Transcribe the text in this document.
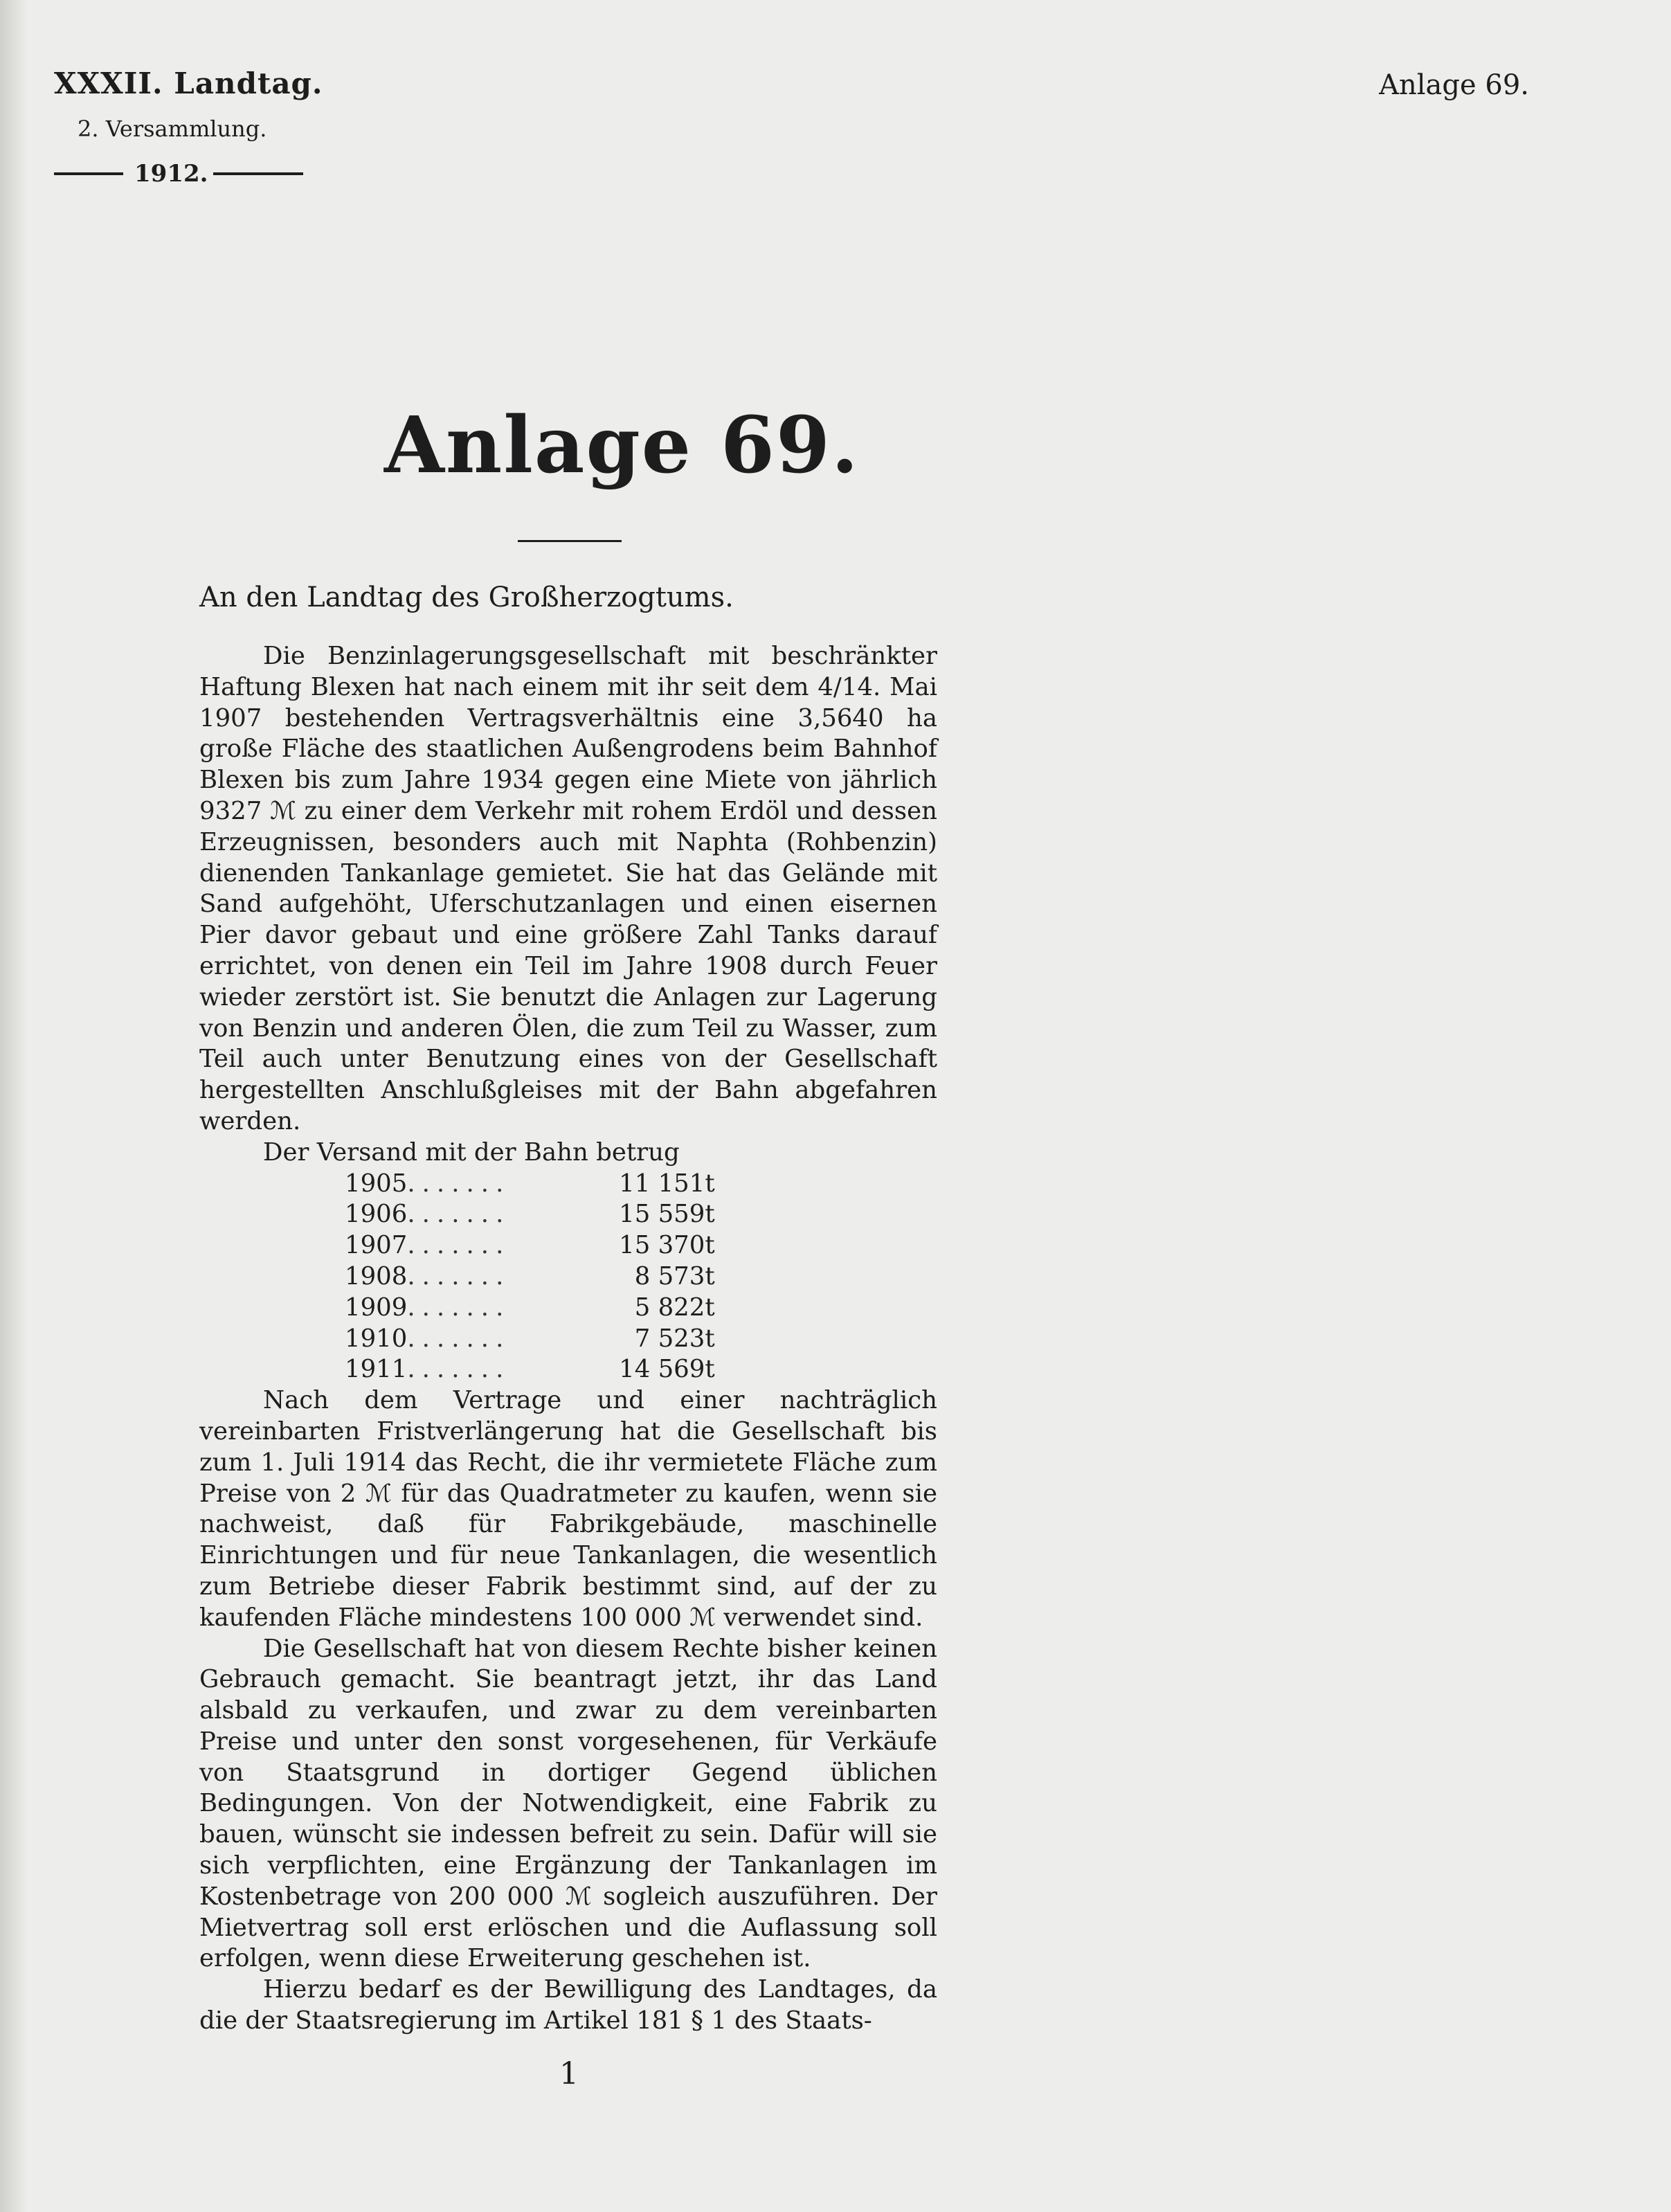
XXXII. Landtag.
2. Versammlung.
1912.
Anlage 69.
Anlage 69.
An den Landtag des Großherzogtums.

Die Benzinlagerungsgesellschaft mit beschränkter Haftung Blexen hat nach einem mit ihr seit dem 4/14. Mai 1907 bestehenden Vertragsverhältnis eine 3,5640 ha große Fläche des staatlichen Außengrodens beim Bahnhof Blexen bis zum Jahre 1934 gegen eine Miete von jährlich 9327 ℳ zu einer dem Verkehr mit rohem Erdöl und dessen Erzeugnissen, besonders auch mit Naphta (Rohbenzin) dienenden Tankanlage gemietet. Sie hat das Gelände mit Sand aufgehöht, Uferschutzanlagen und einen eisernen Pier davor gebaut und eine größere Zahl Tanks darauf errichtet, von denen ein Teil im Jahre 1908 durch Feuer wieder zerstört ist. Sie benutzt die Anlagen zur Lagerung von Benzin und anderen Ölen, die zum Teil zu Wasser, zum Teil auch unter Benutzung eines von der Gesellschaft hergestellten Anschlußgleises mit der Bahn abgefahren werden.

Der Versand mit der Bahn betrug

1905	.......	11 151	t
1906	.......	15 559	t
1907	.......	15 370	t
1908	.......	8 573	t
1909	.......	5 822	t
1910	.......	7 523	t
1911	.......	14 569	t

Nach dem Vertrage und einer nachträglich vereinbarten Fristverlängerung hat die Gesellschaft bis zum 1. Juli 1914 das Recht, die ihr vermietete Fläche zum Preise von 2 ℳ für das Quadratmeter zu kaufen, wenn sie nachweist, daß für Fabrikgebäude, maschinelle Einrichtungen und für neue Tankanlagen, die wesentlich zum Betriebe dieser Fabrik bestimmt sind, auf der zu kaufenden Fläche mindestens 100 000 ℳ verwendet sind.

Die Gesellschaft hat von diesem Rechte bisher keinen Gebrauch gemacht. Sie beantragt jetzt, ihr das Land alsbald zu verkaufen, und zwar zu dem vereinbarten Preise und unter den sonst vorgesehenen, für Verkäufe von Staatsgrund in dortiger Gegend üblichen Bedingungen. Von der Notwendigkeit, eine Fabrik zu bauen, wünscht sie indessen befreit zu sein. Dafür will sie sich verpflichten, eine Ergänzung der Tankanlagen im Kostenbetrage von 200 000 ℳ sogleich auszuführen. Der Mietvertrag soll erst erlöschen und die Auflassung soll erfolgen, wenn diese Erweiterung geschehen ist.

Hierzu bedarf es der Bewilligung des Landtages, da die der Staatsregierung im Artikel 181 § 1 des Staats-

1
